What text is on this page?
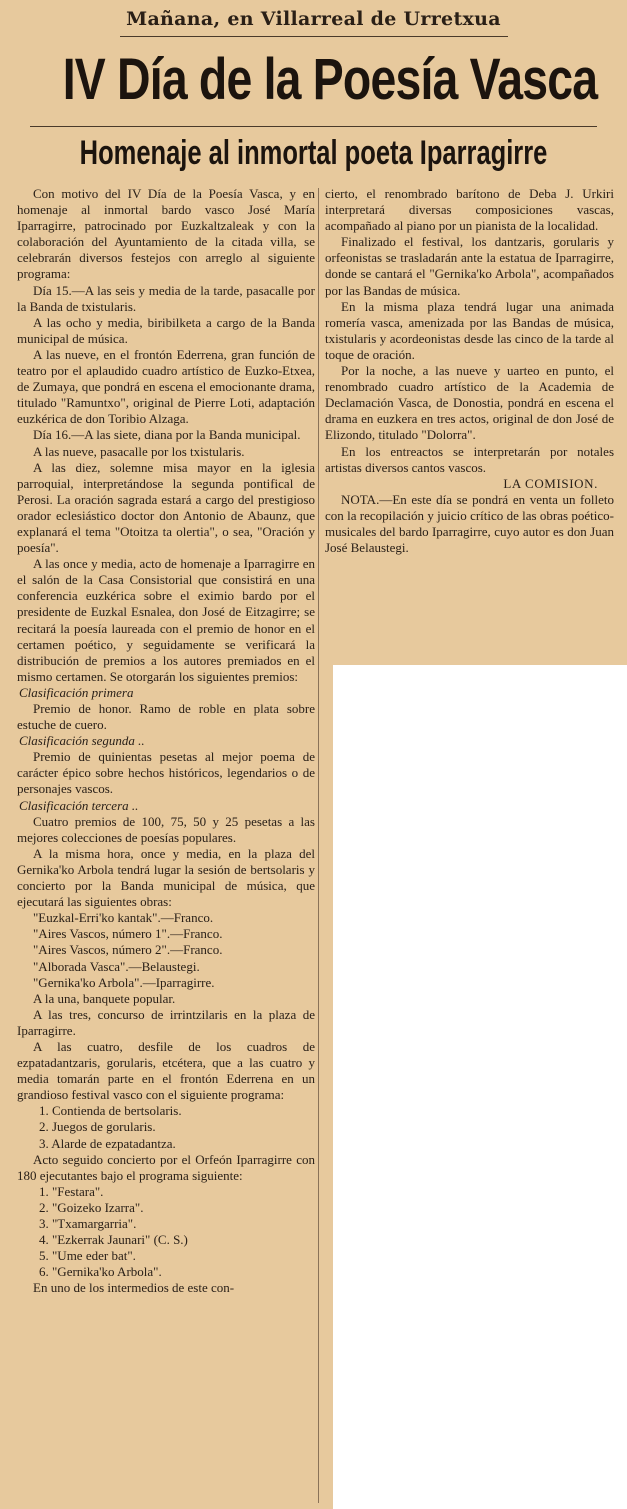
Mañana, en Villarreal de Urretxua
IV Día de la Poesía Vasca
Homenaje al inmortal poeta Iparragirre

Con motivo del IV Día de la Poesía Vasca, y en homenaje al inmortal bardo vasco José María Iparragirre, patrocinado por Euzkaltzaleak y con la colaboración del Ayuntamiento de la citada villa, se celebrarán diversos festejos con arreglo al siguiente programa:

Día 15.—A las seis y media de la tarde, pasacalle por la Banda de txistularis.

A las ocho y media, biribilketa a cargo de la Banda municipal de música.

A las nueve, en el frontón Ederrena, gran función de teatro por el aplaudido cuadro artístico de Euzko-Etxea, de Zumaya, que pondrá en escena el emocionante drama, titulado "Ramuntxo", original de Pierre Loti, adaptación euzkérica de don Toribio Alzaga.

Día 16.—A las siete, diana por la Banda municipal.

A las nueve, pasacalle por los txistularis.

A las diez, solemne misa mayor en la iglesia parroquial, interpretándose la segunda pontifical de Perosi. La oración sagrada estará a cargo del prestigioso orador eclesiástico doctor don Antonio de Abaunz, que explanará el tema "Otoitza ta olertia", o sea, "Oración y poesía".

A las once y media, acto de homenaje a Iparragirre en el salón de la Casa Consistorial que consistirá en una conferencia euzkérica sobre el eximio bardo por el presidente de Euzkal Esnalea, don José de Eitzagirre; se recitará la poesía laureada con el premio de honor en el certamen poético, y seguidamente se verificará la distribución de premios a los autores premiados en el mismo certamen. Se otorgarán los siguientes premios:

Clasificación primera

Premio de honor. Ramo de roble en plata sobre estuche de cuero.

Clasificación segunda ..

Premio de quinientas pesetas al mejor poema de carácter épico sobre hechos históricos, legendarios o de personajes vascos.

Clasificación tercera ..

Cuatro premios de 100, 75, 50 y 25 pesetas a las mejores colecciones de poesías populares.

A la misma hora, once y media, en la plaza del Gernika'ko Arbola tendrá lugar la sesión de bertsolaris y concierto por la Banda municipal de música, que ejecutará las siguientes obras:

"Euzkal-Erri'ko kantak".—Franco.

"Aires Vascos, número 1".—Franco.

"Aires Vascos, número 2".—Franco.

"Alborada Vasca".—Belaustegi.

"Gernika'ko Arbola".—Iparragirre.

A la una, banquete popular.

A las tres, concurso de irrintzilaris en la plaza de Iparragirre.

A las cuatro, desfile de los cuadros de ezpatadantzaris, gorularis, etcétera, que a las cuatro y media tomarán parte en el frontón Ederrena en un grandioso festival vasco con el siguiente programa:

1. Contienda de bertsolaris.

2. Juegos de gorularis.

3. Alarde de ezpatadantza.

Acto seguido concierto por el Orfeón Iparragirre con 180 ejecutantes bajo el programa siguiente:

1. "Festara".

2. "Goizeko Izarra".

3. "Txamargarria".

4. "Ezkerrak Jaunari" (C. S.)

5. "Ume eder bat".

6. "Gernika'ko Arbola".

En uno de los intermedios de este con-

cierto, el renombrado barítono de Deba J. Urkiri interpretará diversas composiciones vascas, acompañado al piano por un pianista de la localidad.

Finalizado el festival, los dantzaris, gorularis y orfeonistas se trasladarán ante la estatua de Iparragirre, donde se cantará el "Gernika'ko Arbola", acompañados por las Bandas de música.

En la misma plaza tendrá lugar una animada romería vasca, amenizada por las Bandas de música, txistularis y acordeonistas desde las cinco de la tarde al toque de oración.

Por la noche, a las nueve y uarteo en punto, el renombrado cuadro artístico de la Academia de Declamación Vasca, de Donostia, pondrá en escena el drama en euzkera en tres actos, original de don José de Elizondo, titulado "Dolorra".

En los entreactos se interpretarán por notales artistas diversos cantos vascos.

LA COMISION.

NOTA.—En este día se pondrá en venta un folleto con la recopilación y juicio crítico de las obras poético-musicales del bardo Iparragirre, cuyo autor es don Juan José Belaustegi.
